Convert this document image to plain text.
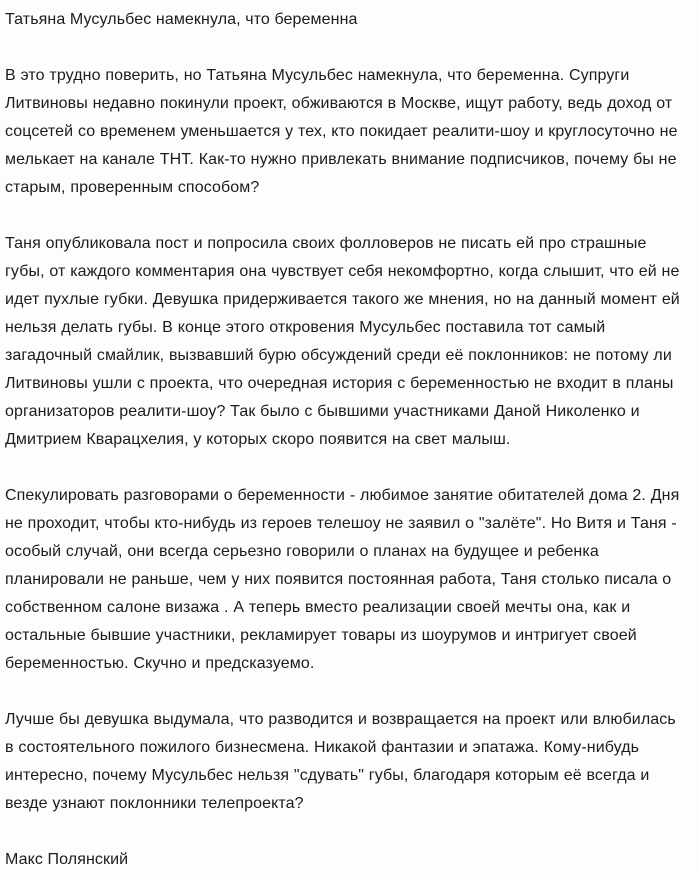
Татьяна Мусульбес намекнула, что беременна

В это трудно поверить, но Татьяна Мусульбес намекнула, что беременна. Супруги Литвиновы недавно покинули проект, обживаются в Москве, ищут работу, ведь доход от соцсетей со временем уменьшается у тех, кто покидает реалити-шоу и круглосуточно не мелькает на канале ТНТ. Как-то нужно привлекать внимание подписчиков, почему бы не старым, проверенным способом?

Таня опубликовала пост и попросила своих фолловеров не писать ей про страшные губы, от каждого комментария она чувствует себя некомфортно, когда слышит, что ей не идет пухлые губки. Девушка придерживается такого же мнения, но на данный момент ей нельзя делать губы. В конце этого откровения Мусульбес поставила тот самый загадочный смайлик, вызвавший бурю обсуждений среди её поклонников: не потому ли Литвиновы ушли с проекта, что очередная история с беременностью не входит в планы организаторов реалити-шоу? Так было с бывшими участниками Даной Николенко и Дмитрием Кварацхелия, у которых скоро появится на свет малыш.

Спекулировать разговорами о беременности - любимое занятие обитателей дома 2. Дня не проходит, чтобы кто-нибудь из героев телешоу не заявил о "залёте". Но Витя и Таня - особый случай, они всегда серьезно говорили о планах на будущее и ребенка планировали не раньше, чем у них появится постоянная работа, Таня столько писала о собственном салоне визажа . А теперь вместо реализации своей мечты она, как и остальные бывшие участники, рекламирует товары из шоурумов и интригует своей беременностью. Скучно и предсказуемо.

Лучше бы девушка выдумала, что разводится и возвращается на проект или влюбилась в состоятельного пожилого бизнесмена. Никакой фантазии и эпатажа. Кому-нибудь интересно, почему Мусульбес нельзя "сдувать" губы, благодаря которым её всегда и везде узнают поклонники телепроекта?

Макс Полянский
